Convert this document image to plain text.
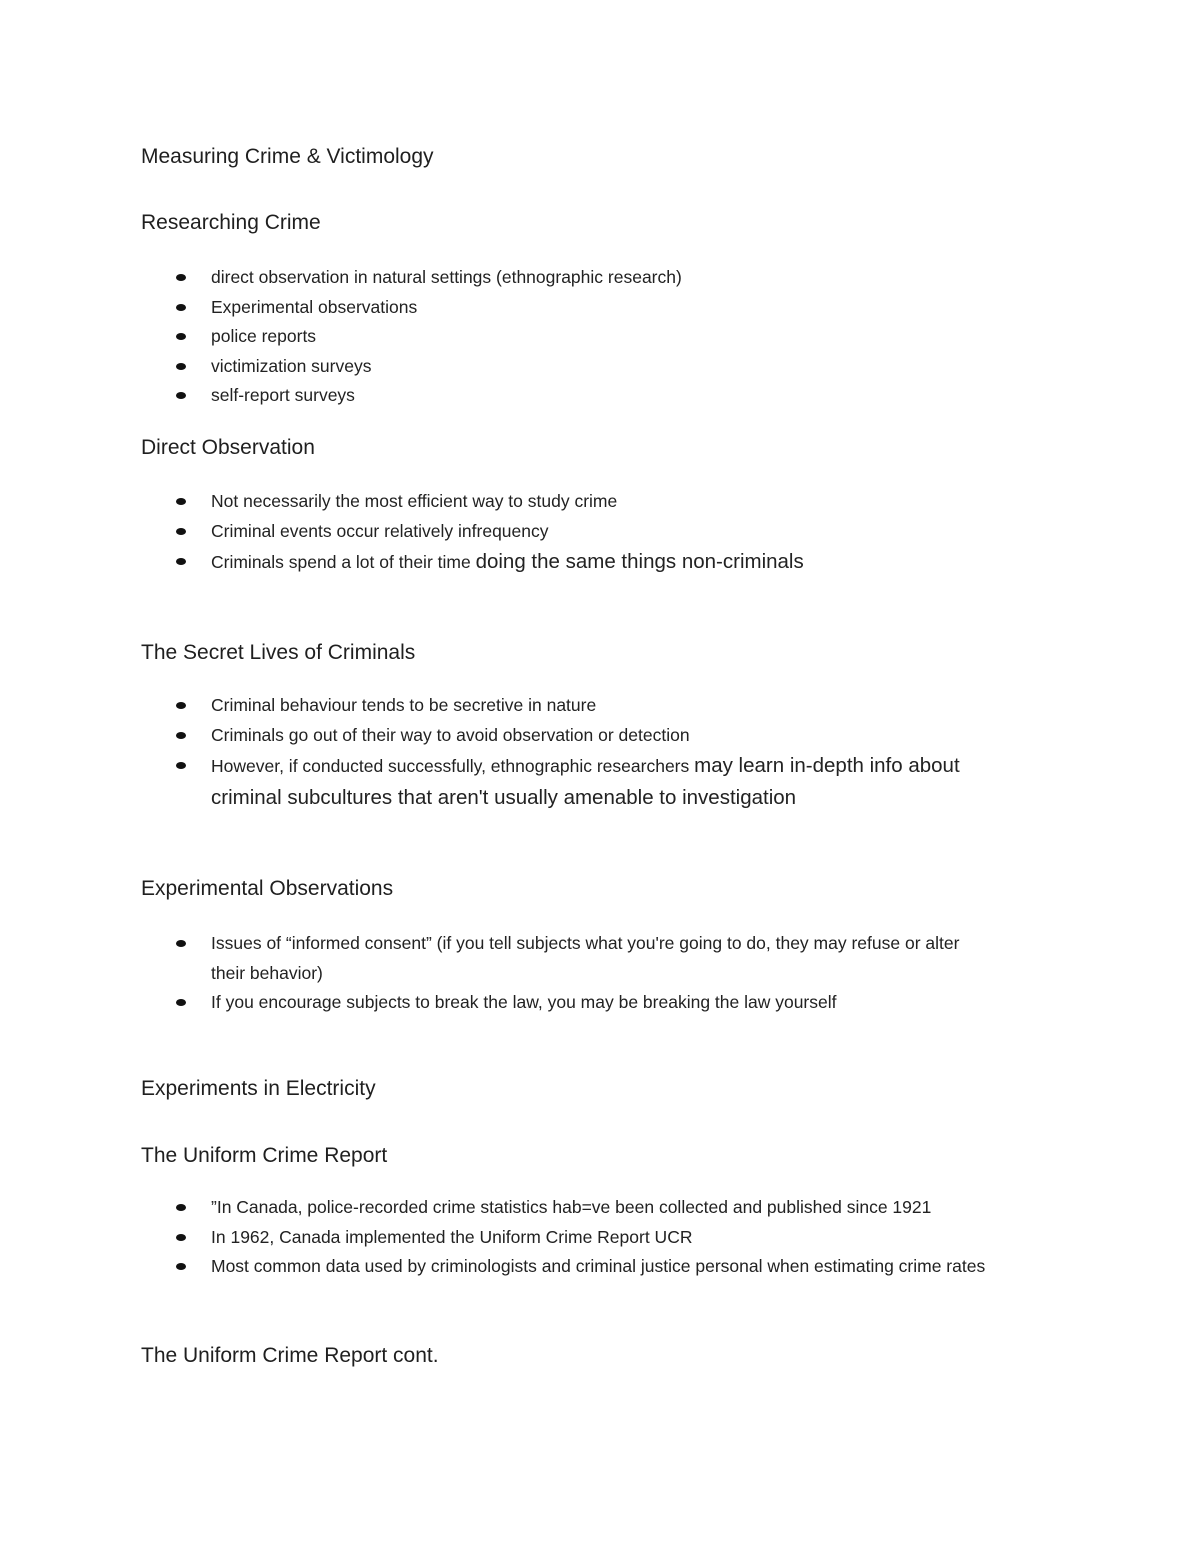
Measuring Crime & Victimology
Researching Crime
direct observation in natural settings (ethnographic research)
Experimental observations
police reports
victimization surveys
self-report surveys
Direct Observation
Not necessarily the most efficient way to study crime
Criminal events occur relatively infrequency
Criminals spend a lot of their time doing the same things non-criminals
The Secret Lives of Criminals
Criminal behaviour tends to be secretive in nature
Criminals go out of their way to avoid observation or detection
However, if conducted successfully, ethnographic researchers may learn in-depth info about
criminal subcultures that aren't usually amenable to investigation
Experimental Observations
Issues of “informed consent” (if you tell subjects what you're going to do, they may refuse or alter
their behavior)
If you encourage subjects to break the law, you may be breaking the law yourself
Experiments in Electricity
The Uniform Crime Report
”In Canada, police-recorded crime statistics hab=ve been collected and published since 1921
In 1962, Canada implemented the Uniform Crime Report UCR
Most common data used by criminologists and criminal justice personal when estimating crime rates
The Uniform Crime Report cont.
